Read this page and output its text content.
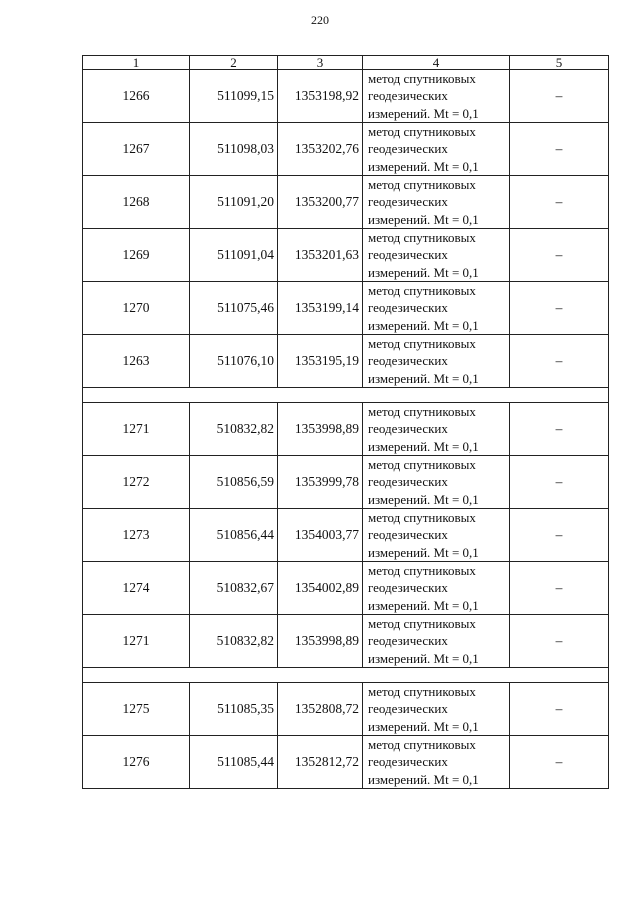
220
1	2	3	4	5
1266	511099,15	1353198,92	метод спутниковых
геодезических
измерений. Mt = 0,1	–
1267	511098,03	1353202,76	метод спутниковых
геодезических
измерений. Mt = 0,1	–
1268	511091,20	1353200,77	метод спутниковых
геодезических
измерений. Mt = 0,1	–
1269	511091,04	1353201,63	метод спутниковых
геодезических
измерений. Mt = 0,1	–
1270	511075,46	1353199,14	метод спутниковых
геодезических
измерений. Mt = 0,1	–
1263	511076,10	1353195,19	метод спутниковых
геодезических
измерений. Mt = 0,1	–

1271	510832,82	1353998,89	метод спутниковых
геодезических
измерений. Mt = 0,1	–
1272	510856,59	1353999,78	метод спутниковых
геодезических
измерений. Mt = 0,1	–
1273	510856,44	1354003,77	метод спутниковых
геодезических
измерений. Mt = 0,1	–
1274	510832,67	1354002,89	метод спутниковых
геодезических
измерений. Mt = 0,1	–
1271	510832,82	1353998,89	метод спутниковых
геодезических
измерений. Mt = 0,1	–

1275	511085,35	1352808,72	метод спутниковых
геодезических
измерений. Mt = 0,1	–
1276	511085,44	1352812,72	метод спутниковых
геодезических
измерений. Mt = 0,1	–
